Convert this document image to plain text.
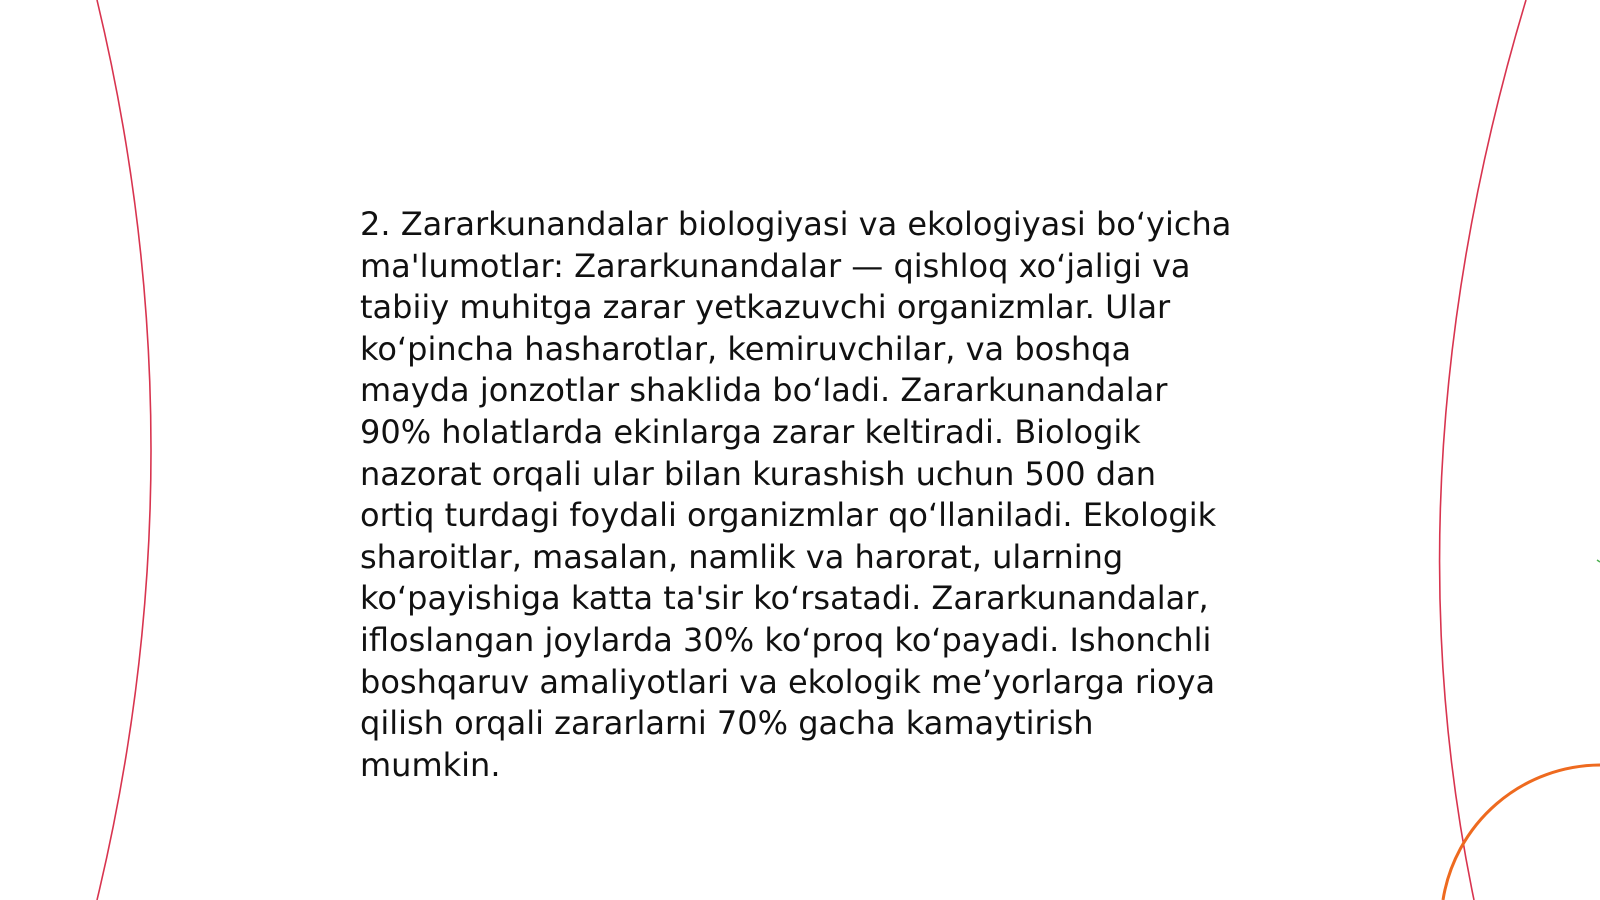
2. Zararkunandalar biologiyasi va ekologiyasi bo‘yicha
ma'lumotlar: Zararkunandalar — qishloq xo‘jaligi va
tabiiy muhitga zarar yetkazuvchi organizmlar. Ular
ko‘pincha hasharotlar, kemiruvchilar, va boshqa
mayda jonzotlar shaklida bo‘ladi. Zararkunandalar
90% holatlarda ekinlarga zarar keltiradi. Biologik
nazorat orqali ular bilan kurashish uchun 500 dan
ortiq turdagi foydali organizmlar qo‘llaniladi. Ekologik
sharoitlar, masalan, namlik va harorat, ularning
ko‘payishiga katta ta'sir ko‘rsatadi. Zararkunandalar,
ifloslangan joylarda 30% ko‘proq ko‘payadi. Ishonchli
boshqaruv amaliyotlari va ekologik me’yorlarga rioya
qilish orqali zararlarni 70% gacha kamaytirish
mumkin.
